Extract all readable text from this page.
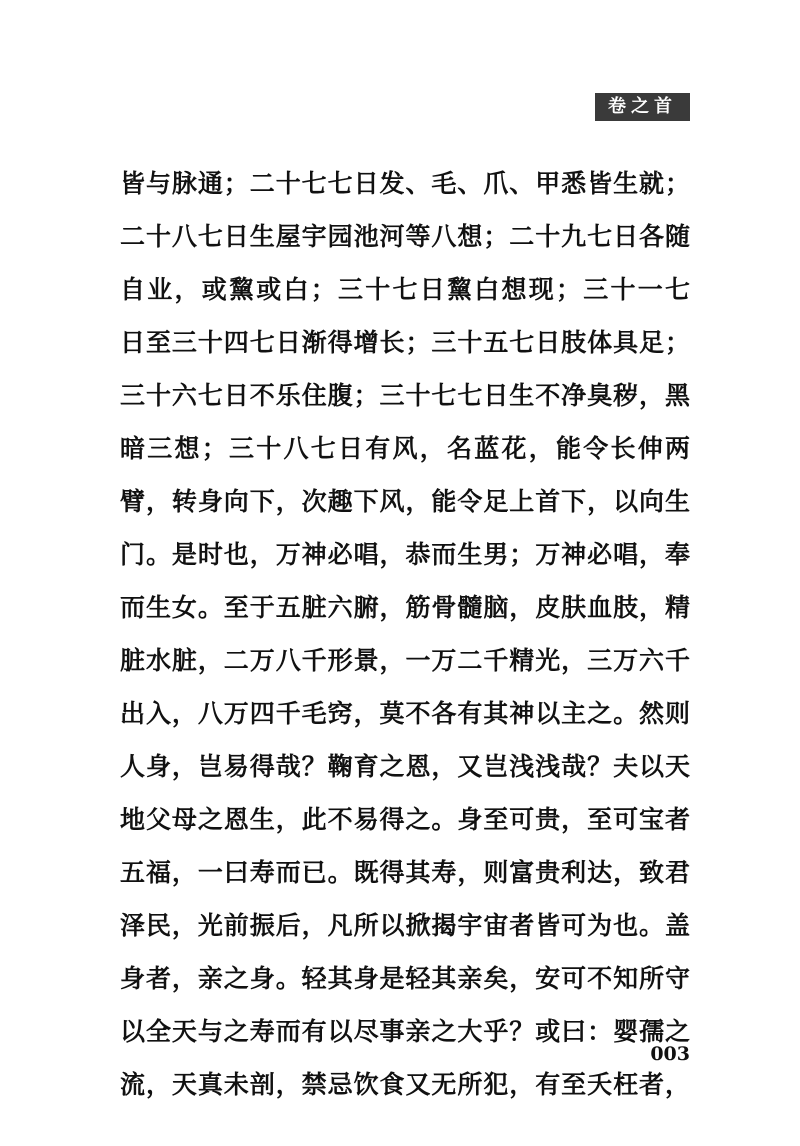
卷之首
皆与脉通；二十七七日发、毛、爪、甲悉皆生就；
二十八七日生屋宇园池河等八想；二十九七日各随
自业，或黧或白；三十七日黧白想现；三十一七
日至三十四七日渐得增长；三十五七日肢体具足；
三十六七日不乐住腹；三十七七日生不净臭秽，黑
暗三想；三十八七日有风，名蓝花，能令长伸两
臂，转身向下，次趣下风，能令足上首下，以向生
门。是时也，万神必唱，恭而生男；万神必唱，奉
而生女。至于五脏六腑，筋骨髓脑，皮肤血肢，精
脏水脏，二万八千形景，一万二千精光，三万六千
出入，八万四千毛窍，莫不各有其神以主之。然则
人身，岂易得哉？鞠育之恩，又岂浅浅哉？夫以天
地父母之恩生，此不易得之。身至可贵，至可宝者
五福，一曰寿而已。既得其寿，则富贵利达，致君
泽民，光前振后，凡所以掀揭宇宙者皆可为也。盖
身者，亲之身。轻其身是轻其亲矣，安可不知所守
以全天与之寿而有以尽事亲之大乎？或曰：婴孺之
流，天真未剖，禁忌饮食又无所犯，有至夭枉者，
003
